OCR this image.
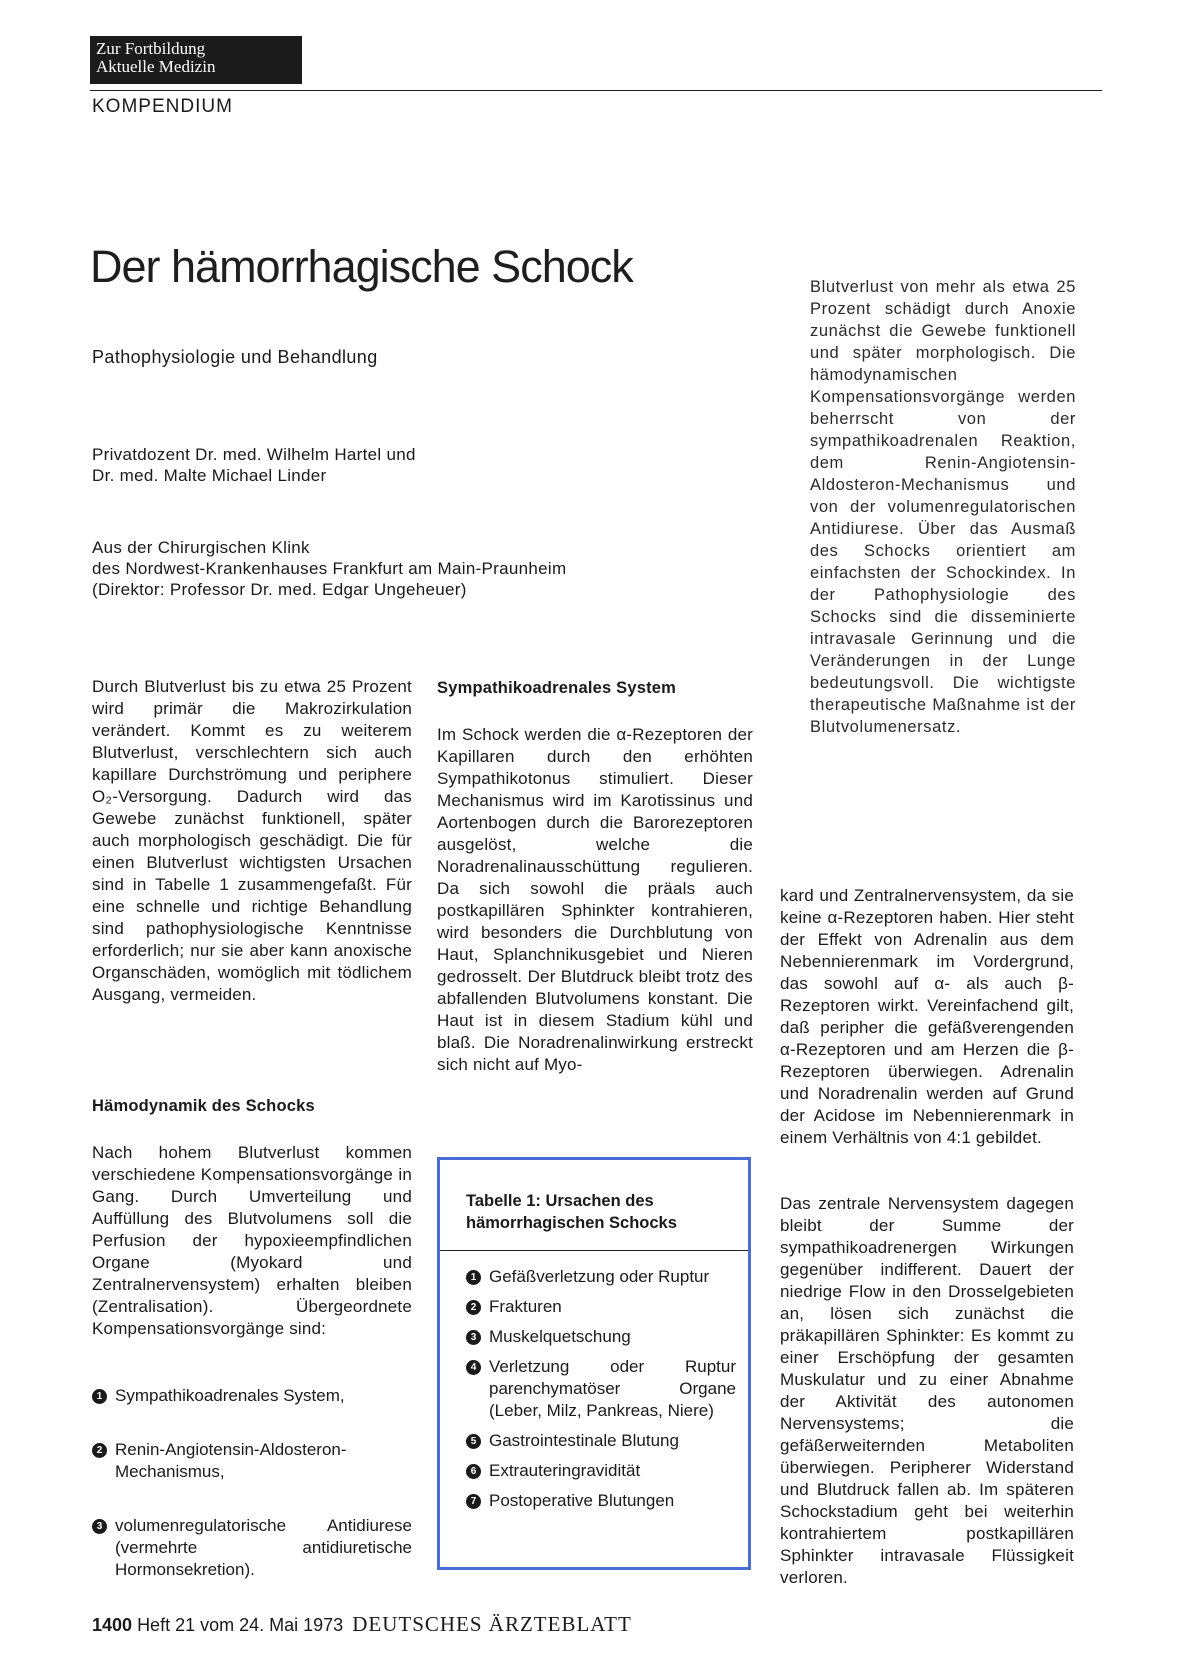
Zur Fortbildung
Aktuelle Medizin
KOMPENDIUM
Der hämorrhagische Schock
Pathophysiologie und Behandlung
Privatdozent Dr. med. Wilhelm Hartel und
Dr. med. Malte Michael Linder
Aus der Chirurgischen Klink
des Nordwest-Krankenhauses Frankfurt am Main-Praunheim
(Direktor: Professor Dr. med. Edgar Ungeheuer)
Blutverlust von mehr als etwa 25 Prozent schädigt durch Anoxie zunächst die Gewebe funktionell und später morphologisch. Die hämodynamischen Kompensationsvorgänge werden beherrscht von der sympathikoadrenalen Reaktion, dem Renin-Angiotensin-Aldosteron-Mechanismus und von der volumenregulatorischen Antidiurese. Über das Ausmaß des Schocks orientiert am einfachsten der Schockindex. In der Pathophysiologie des Schocks sind die disseminierte intravasale Gerinnung und die Veränderungen in der Lunge bedeutungsvoll. Die wichtigste therapeutische Maßnahme ist der Blutvolumenersatz.
Durch Blutverlust bis zu etwa 25 Prozent wird primär die Makrozirkulation verändert. Kommt es zu weiterem Blutverlust, verschlechtern sich auch kapillare Durchströmung und periphere O₂-Versorgung. Dadurch wird das Gewebe zunächst funktionell, später auch morphologisch geschädigt. Die für einen Blutverlust wichtigsten Ursachen sind in Tabelle 1 zusammengefaßt. Für eine schnelle und richtige Behandlung sind pathophysiologische Kenntnisse erforderlich; nur sie aber kann anoxische Organschäden, womöglich mit tödlichem Ausgang, vermeiden.
Hämodynamik des Schocks
Nach hohem Blutverlust kommen verschiedene Kompensationsvorgänge in Gang. Durch Umverteilung und Auffüllung des Blutvolumens soll die Perfusion der hypoxieempfindlichen Organe (Myokard und Zentralnervensystem) erhalten bleiben (Zentralisation). Übergeordnete Kompensationsvorgänge sind:
1 Sympathikoadrenales System,
2 Renin-Angiotensin-Aldosteron-Mechanismus,
3 volumenregulatorische Antidiurese (vermehrte antidiuretische Hormonsekretion).
Sympathikoadrenales System
Im Schock werden die α-Rezeptoren der Kapillaren durch den erhöhten Sympathikotonus stimuliert. Dieser Mechanismus wird im Karotissinus und Aortenbogen durch die Barorezeptoren ausgelöst, welche die Noradrenalinausschüttung regulieren. Da sich sowohl die präals auch postkapillären Sphinkter kontrahieren, wird besonders die Durchblutung von Haut, Splanchnikusgebiet und Nieren gedrosselt. Der Blutdruck bleibt trotz des abfallenden Blutvolumens konstant. Die Haut ist in diesem Stadium kühl und blaß. Die Noradrenalinwirkung erstreckt sich nicht auf Myo-
Tabelle 1: Ursachen des hämorrhagischen Schocks
1 Gefäßverletzung oder Ruptur
2 Frakturen
3 Muskelquetschung
4 Verletzung oder Ruptur parenchymatöser Organe (Leber, Milz, Pankreas, Niere)
5 Gastrointestinale Blutung
6 Extrauteringravidität
7 Postoperative Blutungen
kard und Zentralnervensystem, da sie keine α-Rezeptoren haben. Hier steht der Effekt von Adrenalin aus dem Nebennierenmark im Vordergrund, das sowohl auf α- als auch β-Rezeptoren wirkt. Vereinfachend gilt, daß peripher die gefäßverengenden α-Rezeptoren und am Herzen die β-Rezeptoren überwiegen. Adrenalin und Noradrenalin werden auf Grund der Acidose im Nebennierenmark in einem Verhältnis von 4:1 gebildet.
Das zentrale Nervensystem dagegen bleibt der Summe der sympathikoadrenergen Wirkungen gegenüber indifferent. Dauert der niedrige Flow in den Drosselgebieten an, lösen sich zunächst die präkapillären Sphinkter: Es kommt zu einer Erschöpfung der gesamten Muskulatur und zu einer Abnahme der Aktivität des autonomen Nervensystems; die gefäßerweiternden Metaboliten überwiegen. Peripherer Widerstand und Blutdruck fallen ab. Im späteren Schockstadium geht bei weiterhin kontrahiertem postkapillären Sphinkter intravasale Flüssigkeit verloren.
1400 Heft 21 vom 24. Mai 1973 DEUTSCHES ÄRZTEBLATT
